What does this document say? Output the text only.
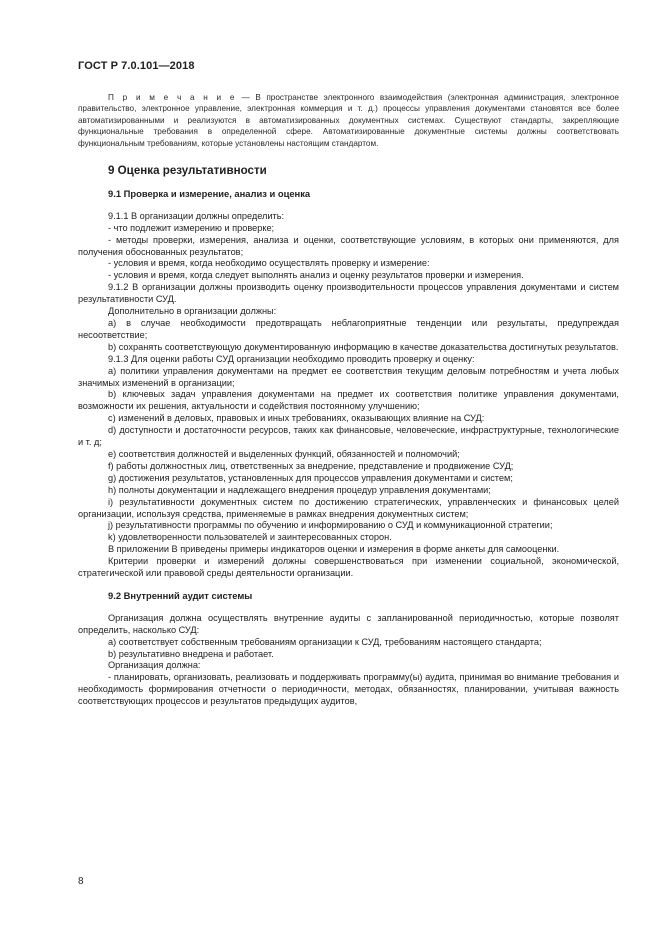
ГОСТ Р 7.0.101—2018

П р и м е ч а н и е — В пространстве электронного взаимодействия (электронная администрация, электронное правительство, электронное управление, электронная коммерция и т. д.) процессы управления документами становятся все более автоматизированными и реализуются в автоматизированных документных системах. Существуют стандарты, закрепляющие функциональные требования в определенной сфере. Автоматизированные документные системы должны соответствовать функциональным требованиям, которые установлены настоящим стандартом.

9 Оценка результативности
9.1 Проверка и измерение, анализ и оценка

9.1.1 В организации должны определить:

- что подлежит измерению и проверке;

- методы проверки, измерения, анализа и оценки, соответствующие условиям, в которых они применяются, для получения обоснованных результатов;

- условия и время, когда необходимо осуществлять проверку и измерение:

- условия и время, когда следует выполнять анализ и оценку результатов проверки и измерения.

9.1.2 В организации должны производить оценку производительности процессов управления документами и систем результативности СУД.

Дополнительно в организации должны:

a) в случае необходимости предотвращать неблагоприятные тенденции или результаты, предупреждая несоответствие;

b) сохранять соответствующую документированную информацию в качестве доказательства достигнутых результатов.

9.1.3 Для оценки работы СУД организации необходимо проводить проверку и оценку:

a) политики управления документами на предмет ее соответствия текущим деловым потребностям и учета любых значимых изменений в организации;

b) ключевых задач управления документами на предмет их соответствия политике управления документами, возможности их решения, актуальности и содействия постоянному улучшению;

c) изменений в деловых, правовых и иных требованиях, оказывающих влияние на СУД:

d) доступности и достаточности ресурсов, таких как финансовые, человеческие, инфраструктурные, технологические и т. д;

e) соответствия должностей и выделенных функций, обязанностей и полномочий;

f) работы должностных лиц, ответственных за внедрение, представление и продвижение СУД;

g) достижения результатов, установленных для процессов управления документами и систем;

h) полноты документации и надлежащего внедрения процедур управления документами;

i) результативности документных систем по достижению стратегических, управленческих и финансовых целей организации, используя средства, применяемые в рамках внедрения документных систем;

j) результативности программы по обучению и информированию о СУД и коммуникационной стратегии;

k) удовлетворенности пользователей и заинтересованных сторон.

В приложении В приведены примеры индикаторов оценки и измерения в форме анкеты для самооценки.

Критерии проверки и измерений должны совершенствоваться при изменении социальной, экономической, стратегической или правовой среды деятельности организации.

9.2 Внутренний аудит системы

Организация должна осуществлять внутренние аудиты с запланированной периодичностью, которые позволят определить, насколько СУД:

a) соответствует собственным требованиям организации к СУД, требованиям настоящего стандарта;

b) результативно внедрена и работает.

Организация должна:

- планировать, организовать, реализовать и поддерживать программу(ы) аудита, принимая во внимание требования и необходимость формирования отчетности о периодичности, методах, обязанностях, планировании, учитывая важность соответствующих процессов и результатов предыдущих аудитов,

8
